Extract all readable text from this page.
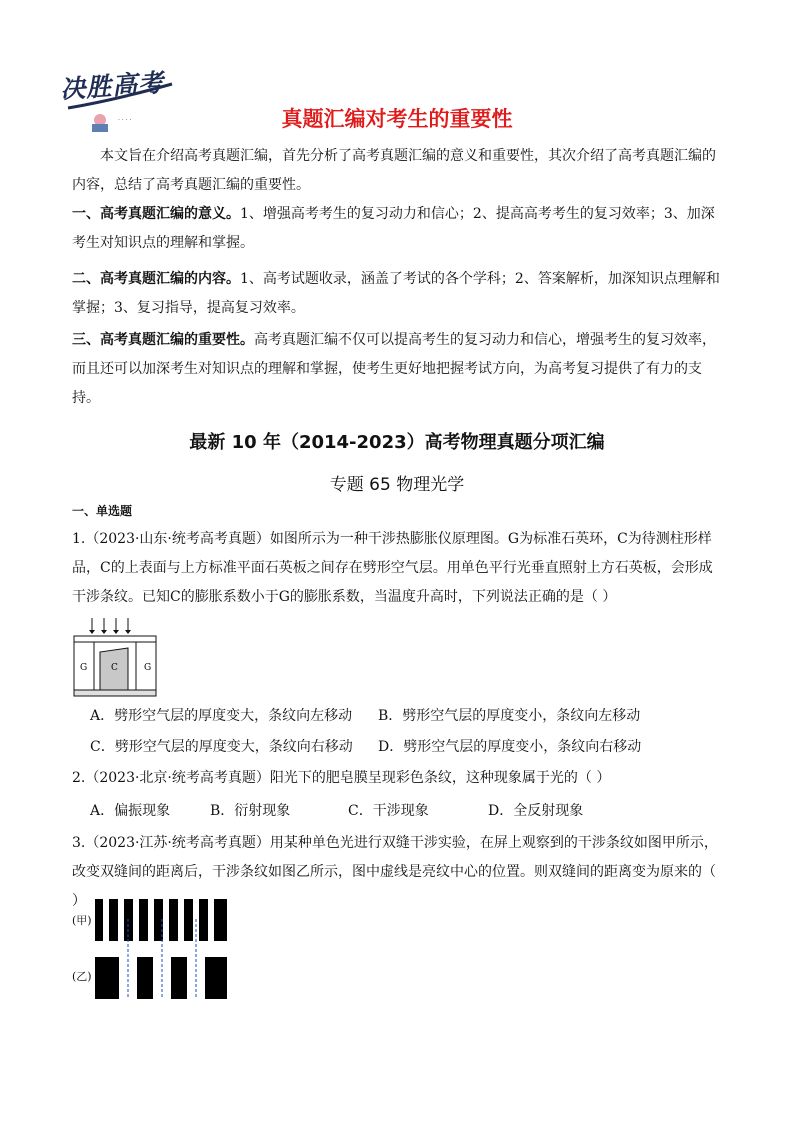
决胜高考
· · · ·	真题汇编对考生的重要性

本文旨在介绍高考真题汇编，首先分析了高考真题汇编的意义和重要性，其次介绍了高考真题汇编的内容，总结了高考真题汇编的重要性。

一、高考真题汇编的意义。1、增强高考考生的复习动力和信心；2、提高高考考生的复习效率；3、加深考生对知识点的理解和掌握。

二、高考真题汇编的内容。1、高考试题收录，涵盖了考试的各个学科；2、答案解析，加深知识点理解和掌握；3、复习指导，提高复习效率。

三、高考真题汇编的重要性。高考真题汇编不仅可以提高考生的复习动力和信心，增强考生的复习效率，而且还可以加深考生对知识点的理解和掌握，使考生更好地把握考试方向，为高考复习提供了有力的支持。

最新 10 年（2014-2023）高考物理真题分项汇编
专题 65 物理光学
一、单选题

1.（2023·山东·统考高考真题）如图所示为一种干涉热膨胀仪原理图。G为标准石英环，C为待测柱形样品，C的上表面与上方标准平面石英板之间存在劈形空气层。用单色平行光垂直照射上方石英板，会形成干涉条纹。已知C的膨胀系数小于G的膨胀系数，当温度升高时，下列说法正确的是（ ）

G	C	G
A．劈形空气层的厚度变大，条纹向左移动 B．劈形空气层的厚度变小，条纹向左移动
C．劈形空气层的厚度变大，条纹向右移动 D．劈形空气层的厚度变小，条纹向右移动

2.（2023·北京·统考高考真题）阳光下的肥皂膜呈现彩色条纹，这种现象属于光的（ ）

A．偏振现象	B．衍射现象	C．干涉现象	D．全反射现象

3.（2023·江苏·统考高考真题）用某种单色光进行双缝干涉实验，在屏上观察到的干涉条纹如图甲所示，改变双缝间的距离后，干涉条纹如图乙所示，图中虚线是亮纹中心的位置。则双缝间的距离变为原来的（ ）

(甲)
(乙)
